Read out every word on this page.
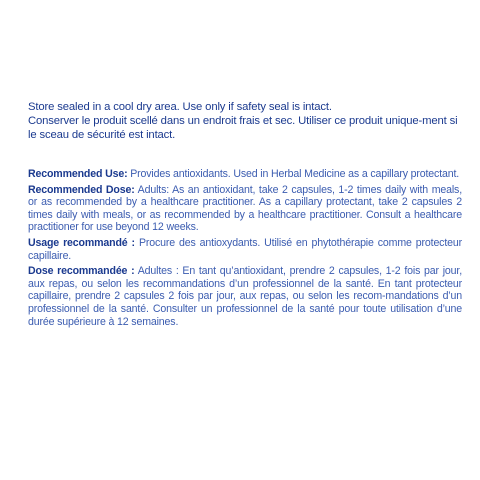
Store sealed in a cool dry area. Use only if safety seal is intact.

Conserver le produit scellé dans un endroit frais et sec. Utiliser ce produit unique-ment si le sceau de sécurité est intact.

Recommended Use: Provides antioxidants. Used in Herbal Medicine as a capillary protectant.

Recommended Dose: Adults: As an antioxidant, take 2 capsules, 1-2 times daily with meals, or as recommended by a healthcare practitioner. As a capillary protectant, take 2 capsules 2 times daily with meals, or as recommended by a healthcare practitioner. Consult a healthcare practitioner for use beyond 12 weeks.

Usage recommandé : Procure des antioxydants. Utilisé en phytothérapie comme protecteur capillaire.

Dose recommandée : Adultes : En tant qu’antioxidant, prendre 2 capsules, 1-2 fois par jour, aux repas, ou selon les recommandations d’un professionnel de la santé. En tant protecteur capillaire, prendre 2 capsules 2 fois par jour, aux repas, ou selon les recom-mandations d’un professionnel de la santé. Consulter un professionnel de la santé pour toute utilisation d’une durée supérieure à 12 semaines.
